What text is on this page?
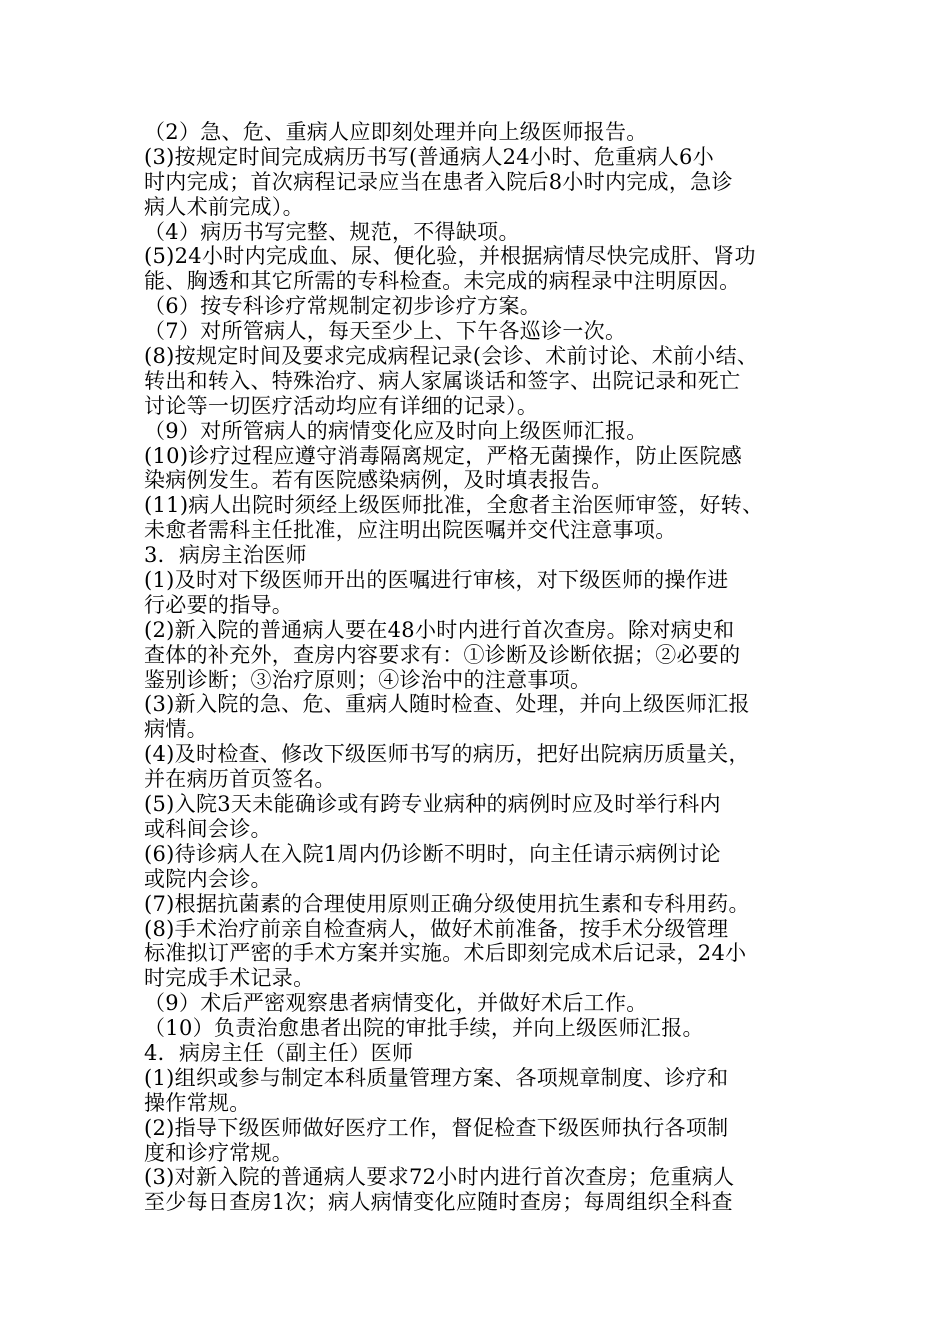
（2）急、危、重病人应即刻处理并向上级医师报告。
(3)按规定时间完成病历书写(普通病人24小时、危重病人6小
时内完成；首次病程记录应当在患者入院后8小时内完成，急诊
病人术前完成）。
（4）病历书写完整、规范，不得缺项。
(5)24小时内完成血、尿、便化验，并根据病情尽快完成肝、肾功
能、胸透和其它所需的专科检查。未完成的病程录中注明原因。
（6）按专科诊疗常规制定初步诊疗方案。
（7）对所管病人，每天至少上、下午各巡诊一次。
(8)按规定时间及要求完成病程记录(会诊、术前讨论、术前小结、
转出和转入、特殊治疗、病人家属谈话和签字、出院记录和死亡
讨论等一切医疗活动均应有详细的记录）。
（9）对所管病人的病情变化应及时向上级医师汇报。
(10)诊疗过程应遵守消毒隔离规定，严格无菌操作，防止医院感
染病例发生。若有医院感染病例，及时填表报告。
(11)病人出院时须经上级医师批准，全愈者主治医师审签，好转、
未愈者需科主任批准，应注明出院医嘱并交代注意事项。
3．病房主治医师
(1)及时对下级医师开出的医嘱进行审核，对下级医师的操作进
行必要的指导。
(2)新入院的普通病人要在48小时内进行首次查房。除对病史和
查体的补充外，查房内容要求有：①诊断及诊断依据；②必要的
鉴别诊断；③治疗原则；④诊治中的注意事项。
(3)新入院的急、危、重病人随时检查、处理，并向上级医师汇报
病情。
(4)及时检查、修改下级医师书写的病历，把好出院病历质量关，
并在病历首页签名。
(5)入院3天未能确诊或有跨专业病种的病例时应及时举行科内
或科间会诊。
(6)待诊病人在入院1周内仍诊断不明时，向主任请示病例讨论
或院内会诊。
(7)根据抗菌素的合理使用原则正确分级使用抗生素和专科用药。
(8)手术治疗前亲自检查病人，做好术前准备，按手术分级管理
标准拟订严密的手术方案并实施。术后即刻完成术后记录，24小
时完成手术记录。
（9）术后严密观察患者病情变化，并做好术后工作。
（10）负责治愈患者出院的审批手续，并向上级医师汇报。
4．病房主任（副主任）医师
(1)组织或参与制定本科质量管理方案、各项规章制度、诊疗和
操作常规。
(2)指导下级医师做好医疗工作，督促检查下级医师执行各项制
度和诊疗常规。
(3)对新入院的普通病人要求72小时内进行首次查房；危重病人
至少每日查房1次；病人病情变化应随时查房；每周组织全科查
